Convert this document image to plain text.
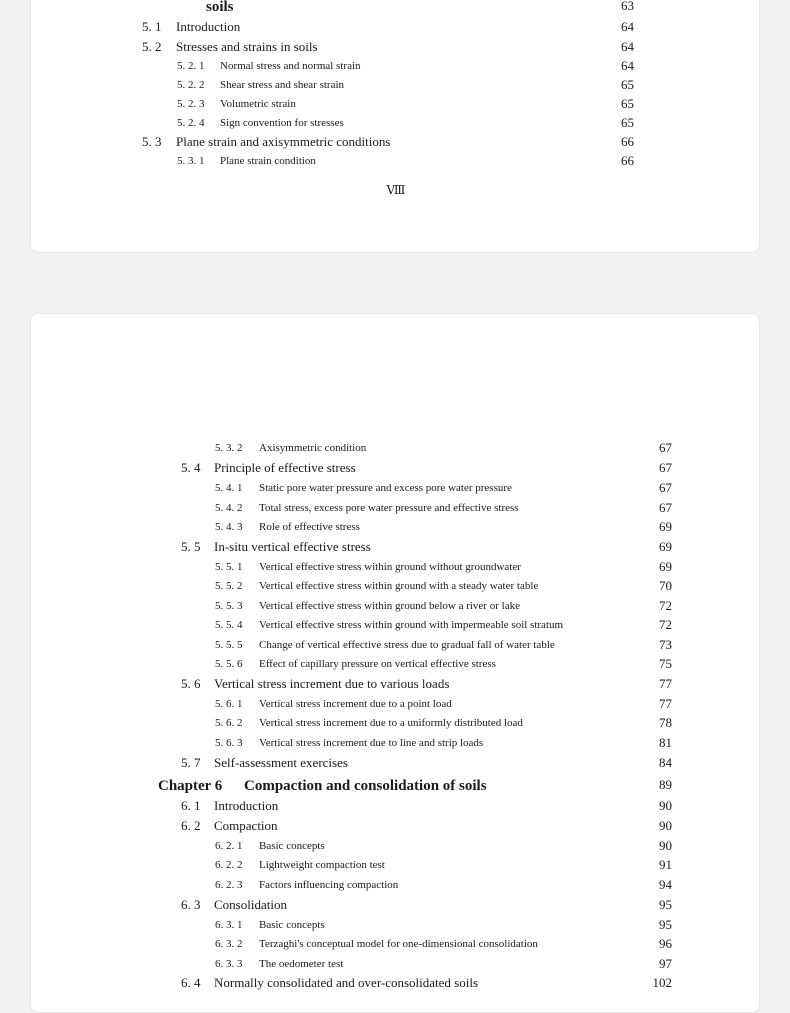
soils	63
5. 1 Introduction	64
5. 2 Stresses and strains in soils	64
5. 2. 1 Normal stress and normal strain	64
5. 2. 2 Shear stress and shear strain	65
5. 2. 3 Volumetric strain	65
5. 2. 4 Sign convention for stresses	65
5. 3 Plane strain and axisymmetric conditions	66
5. 3. 1 Plane strain condition	66
Ⅷ
5. 3. 2 Axisymmetric condition	67
5. 4 Principle of effective stress	67
5. 4. 1 Static pore water pressure and excess pore water pressure	67
5. 4. 2 Total stress, excess pore water pressure and effective stress	67
5. 4. 3 Role of effective stress	69
5. 5 In-situ vertical effective stress	69
5. 5. 1 Vertical effective stress within ground without groundwater	69
5. 5. 2 Vertical effective stress within ground with a steady water table	70
5. 5. 3 Vertical effective stress within ground below a river or lake	72
5. 5. 4 Vertical effective stress within ground with impermeable soil stratum	72
5. 5. 5 Change of vertical effective stress due to gradual fall of water table	73
5. 5. 6 Effect of capillary pressure on vertical effective stress	75
5. 6 Vertical stress increment due to various loads	77
5. 6. 1 Vertical stress increment due to a point load	77
5. 6. 2 Vertical stress increment due to a uniformly distributed load	78
5. 6. 3 Vertical stress increment due to line and strip loads	81
5. 7 Self-assessment exercises	84
Chapter 6 Compaction and consolidation of soils	89
6. 1 Introduction	90
6. 2 Compaction	90
6. 2. 1 Basic concepts	90
6. 2. 2 Lightweight compaction test	91
6. 2. 3 Factors influencing compaction	94
6. 3 Consolidation	95
6. 3. 1 Basic concepts	95
6. 3. 2 Terzaghi's conceptual model for one-dimensional consolidation	96
6. 3. 3 The oedometer test	97
6. 4 Normally consolidated and over-consolidated soils	102
